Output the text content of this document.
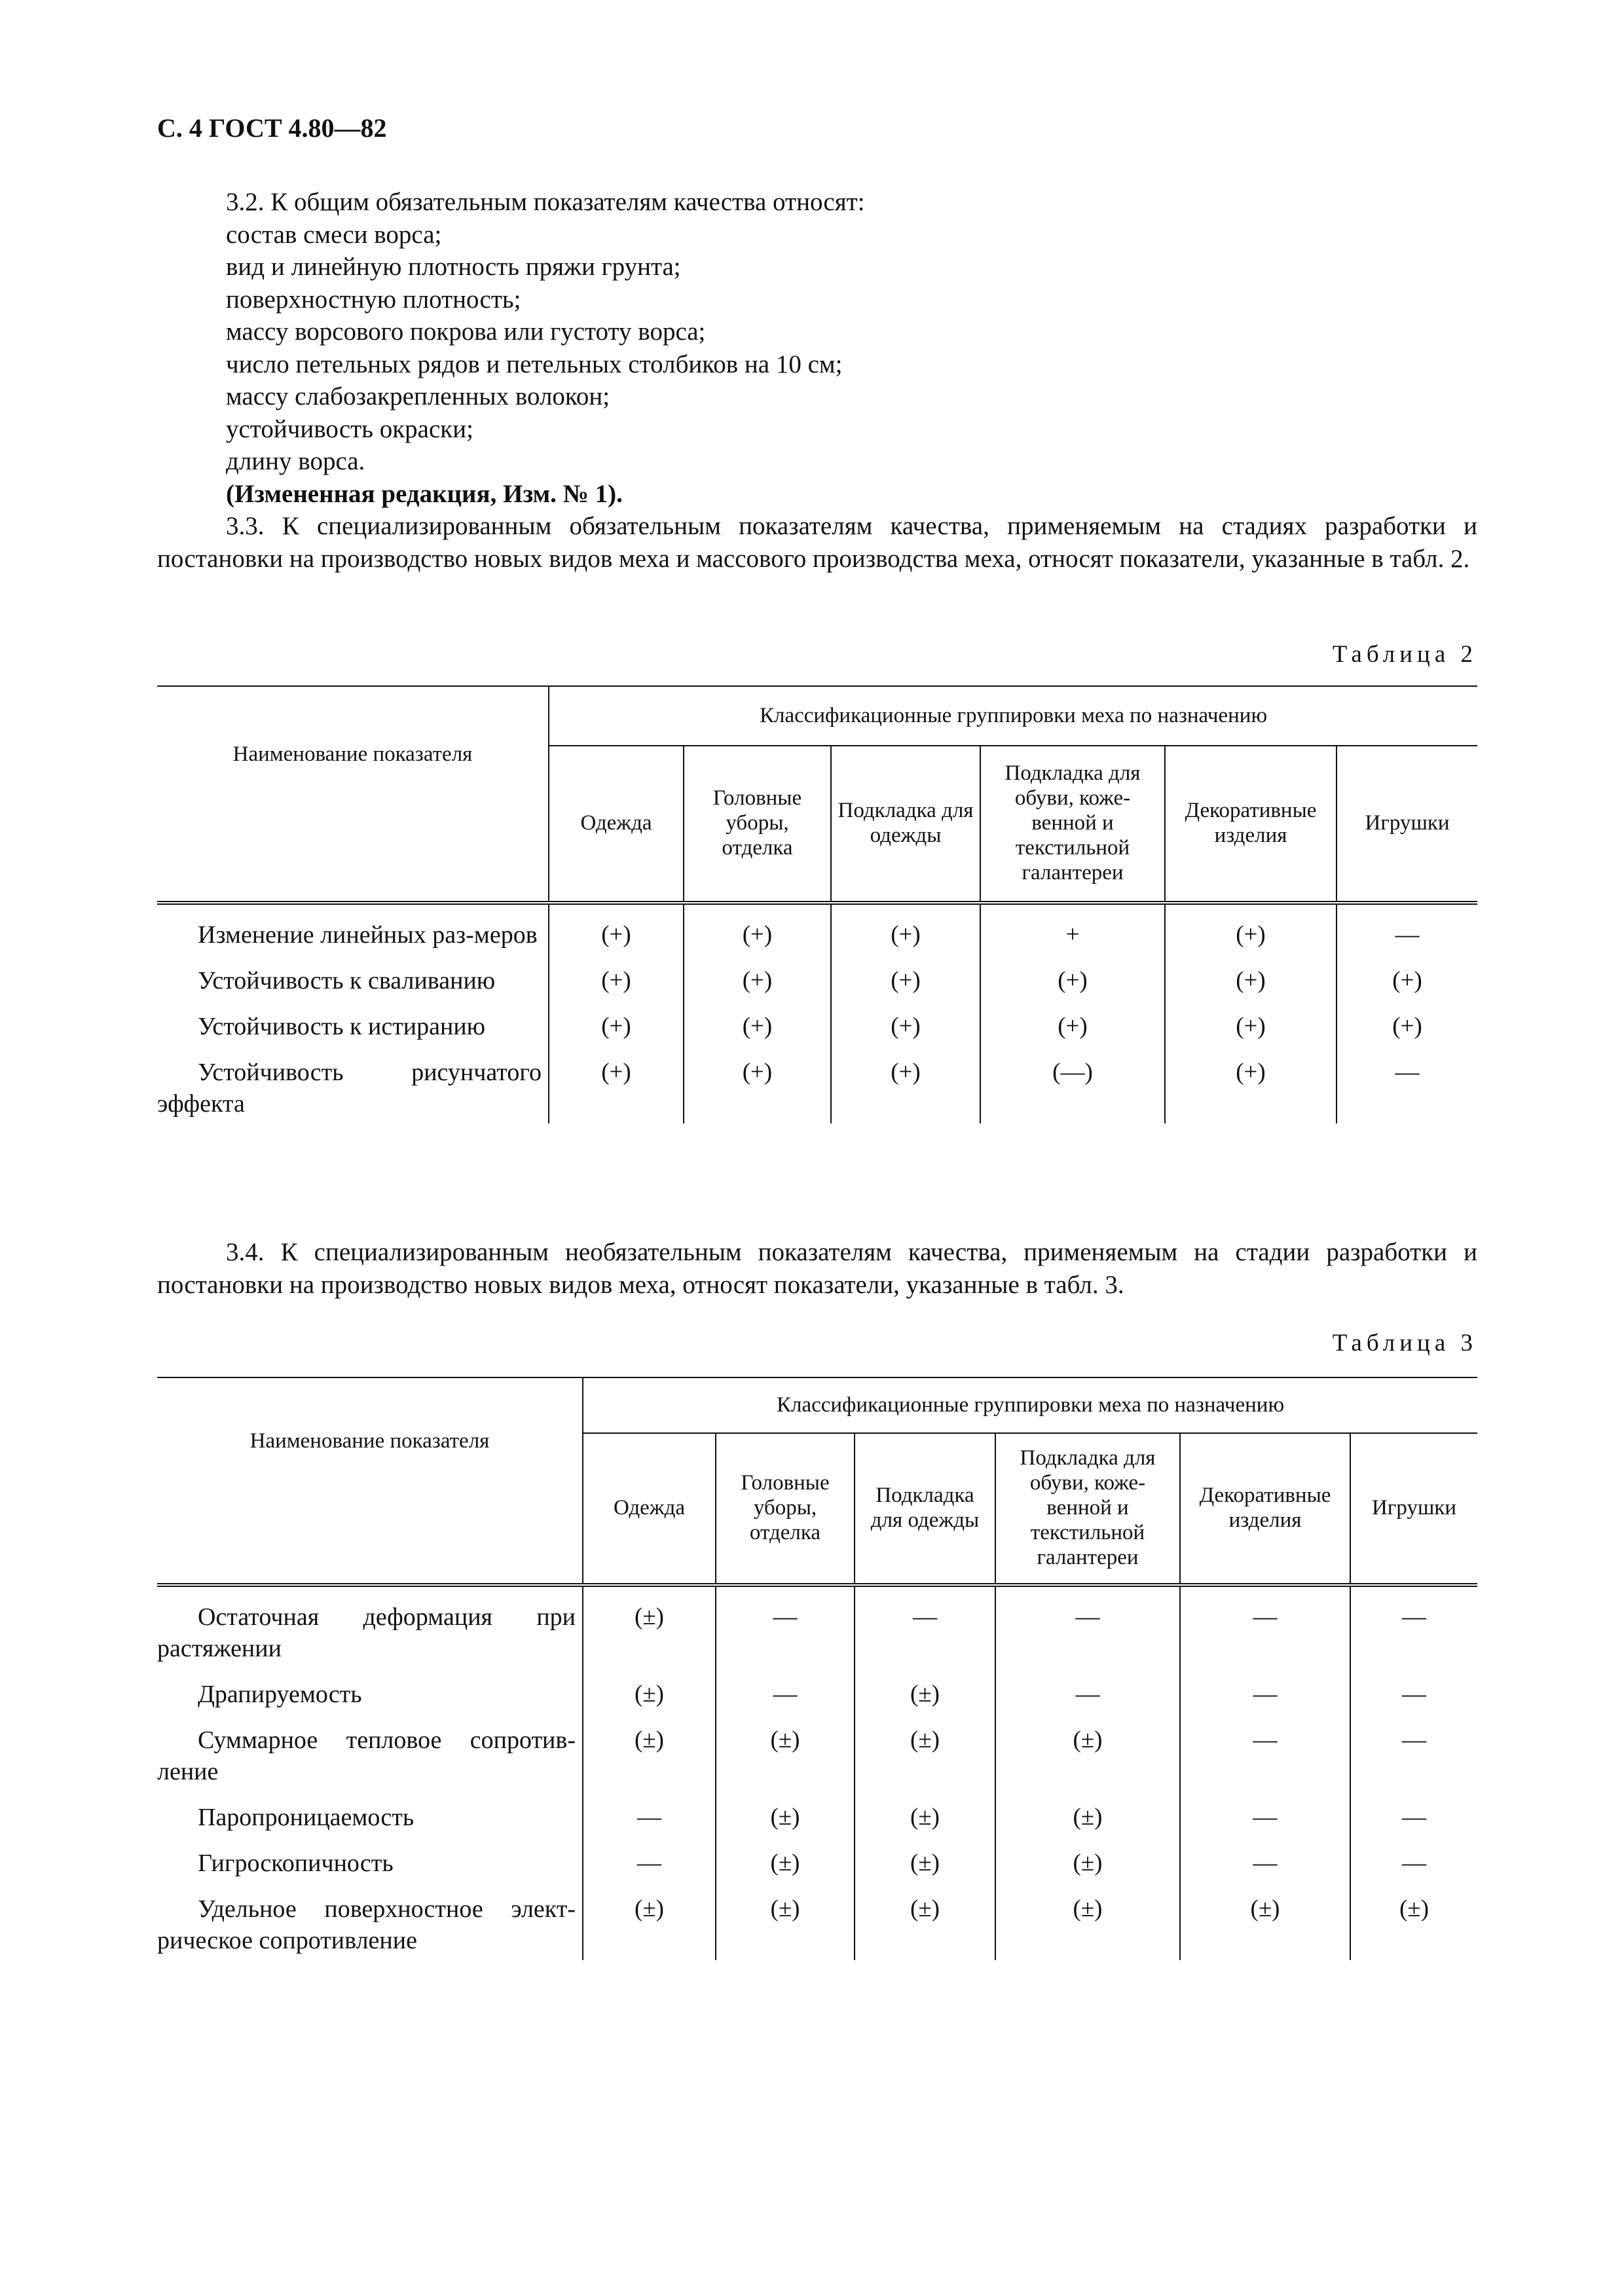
С. 4 ГОСТ 4.80—82
3.2. К общим обязательным показателям качества относят:
состав смеси ворса;
вид и линейную плотность пряжи грунта;
поверхностную плотность;
массу ворсового покрова или густоту ворса;
число петельных рядов и петельных столбиков на 10 см;
массу слабозакрепленных волокон;
устойчивость окраски;
длину ворса.
(Измененная редакция, Изм. № 1).
3.3. К специализированным обязательным показателям качества, применяемым на стадиях разработки и постановки на производство новых видов меха и массового производства меха, относят показатели, указанные в табл. 2.
Таблица 2
Наименование показателя	Классификационные группировки меха по назначению					
	Одежда	Головные уборы, отделка	Подкладка для одежды	Подкладка для обуви, коже-венной и текстильной галантереи	Декоративные изделия	Игрушки

Изменение линейных раз-меров	(+)	(+)	(+)	+	(+)	—

Устойчивость к сваливанию	(+)	(+)	(+)	(+)	(+)	(+)

Устойчивость к истиранию	(+)	(+)	(+)	(+)	(+)	(+)

Устойчивость рисунчатого эффекта	(+)	(+)	(+)	(—)	(+)	—
3.4. К специализированным необязательным показателям качества, применяемым на стадии разработки и постановки на производство новых видов меха, относят показатели, указанные в табл. 3.
Таблица 3
Наименование показателя	Классификационные группировки меха по назначению					
	Одежда	Головные уборы, отделка	Подкладка для одежды	Подкладка для обуви, коже-венной и текстильной галантереи	Декоративные изделия	Игрушки

Остаточная деформация при растяжении	(±)	—	—	—	—	—

Драпируемость	(±)	—	(±)	—	—	—

Суммарное тепловое сопротив-ление	(±)	(±)	(±)	(±)	—	—

Паропроницаемость	—	(±)	(±)	(±)	—	—

Гигроскопичность	—	(±)	(±)	(±)	—	—

Удельное поверхностное элект-рическое сопротивление	(±)	(±)	(±)	(±)	(±)	(±)
